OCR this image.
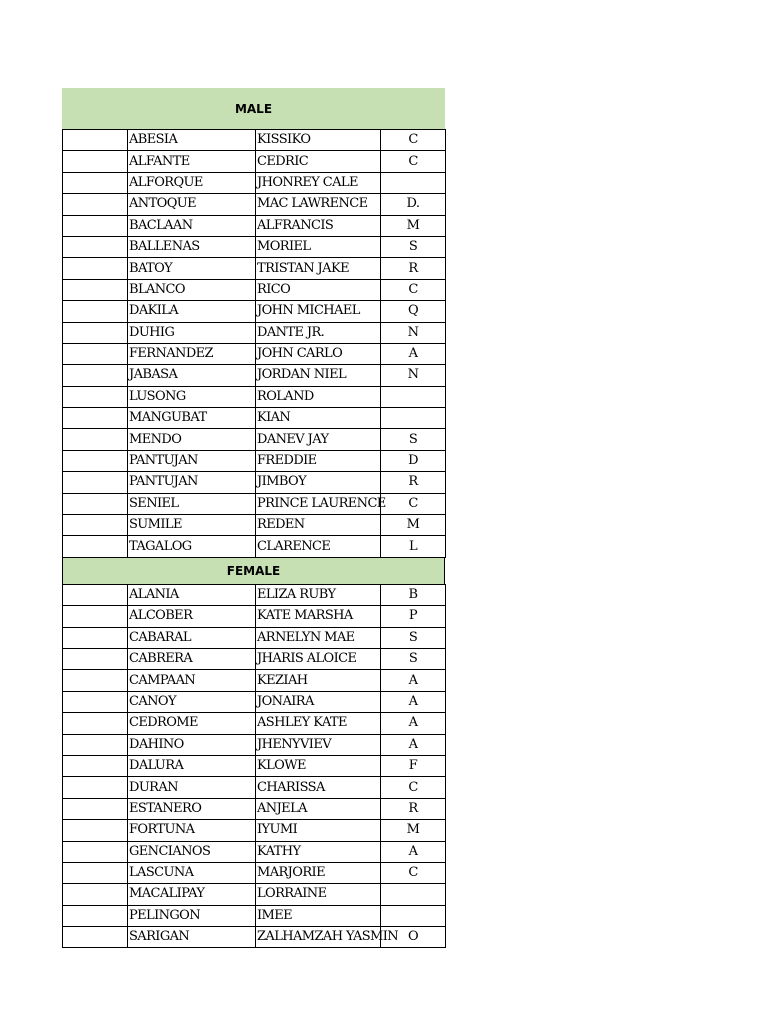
MALE
	ABESIA	KISSIKO	C
	ALFANTE	CEDRIC	C
	ALFORQUE	JHONREY CALE	
	ANTOQUE	MAC LAWRENCE	D.
	BACLAAN	ALFRANCIS	M
	BALLENAS	MORIEL	S
	BATOY	TRISTAN JAKE	R
	BLANCO	RICO	C
	DAKILA	JOHN MICHAEL	Q
	DUHIG	DANTE JR.	N
	FERNANDEZ	JOHN CARLO	A
	JABASA	JORDAN NIEL	N
	LUSONG	ROLAND	
	MANGUBAT	KIAN	
	MENDO	DANEV JAY	S
	PANTUJAN	FREDDIE	D
	PANTUJAN	JIMBOY	R
	SENIEL	PRINCE LAURENCE	C
	SUMILE	REDEN	M
	TAGALOG	CLARENCE	L
FEMALE
	ALANIA	ELIZA RUBY	B
	ALCOBER	KATE MARSHA	P
	CABARAL	ARNELYN MAE	S
	CABRERA	JHARIS ALOICE	S
	CAMPAAN	KEZIAH	A
	CANOY	JONAIRA	A
	CEDROME	ASHLEY KATE	A
	DAHINO	JHENYVIEV	A
	DALURA	KLOWE	F
	DURAN	CHARISSA	C
	ESTANERO	ANJELA	R
	FORTUNA	IYUMI	M
	GENCIANOS	KATHY	A
	LASCUNA	MARJORIE	C
	MACALIPAY	LORRAINE	
	PELINGON	IMEE	
	SARIGAN	ZALHAMZAH YASMIN	O
